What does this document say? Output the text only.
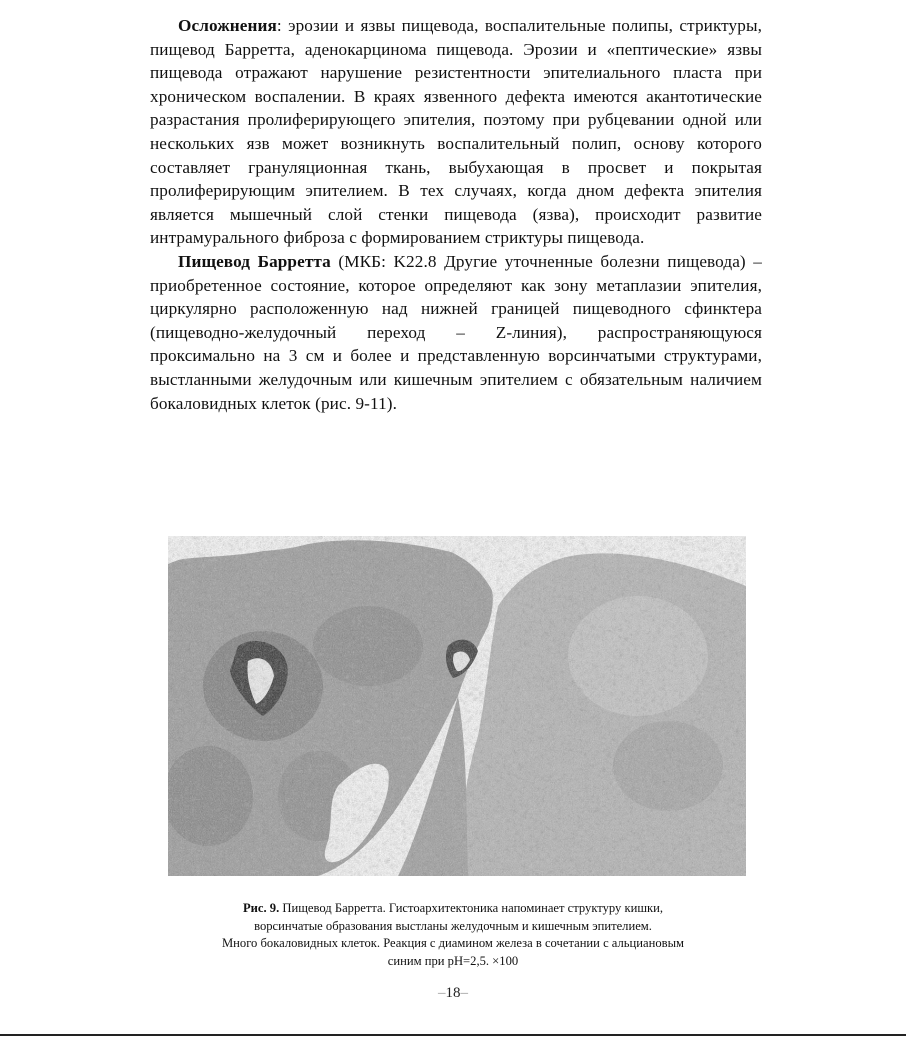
Осложнения: эрозии и язвы пищевода, воспалительные полипы, стриктуры, пищевод Барретта, аденокарцинома пищевода. Эрозии и «пептические» язвы пищевода отражают нарушение резистентности эпителиального пласта при хроническом воспалении. В краях язвенного дефекта имеются акантотические разрастания пролиферирующего эпителия, поэтому при рубцевании одной или нескольких язв может возникнуть воспалительный полип, основу которого составляет грануляционная ткань, выбухающая в просвет и покрытая пролиферирующим эпителием. В тех случаях, когда дном дефекта эпителия является мышечный слой стенки пищевода (язва), происходит развитие интрамурального фиброза с формированием стриктуры пищевода.

Пищевод Барретта (МКБ: K22.8 Другие уточненные болезни пищевода) – приобретенное состояние, которое определяют как зону метаплазии эпителия, циркулярно расположенную над нижней границей пищеводного сфинктера (пищеводно-желудочный переход – Z-линия), распространяющуюся проксимально на 3 см и более и представленную ворсинчатыми структурами, выстланными желудочным или кишечным эпителием с обязательным наличием бокаловидных клеток (рис. 9-11).

Рис. 9. Пищевод Барретта. Гистоархитектоника напоминает структуру кишки,
ворсинчатые образования выстланы желудочным и кишечным эпителием.
Много бокаловидных клеток. Реакция с диамином железа в сочетании с альциановым
синим при pH=2,5. ×100
–18–
